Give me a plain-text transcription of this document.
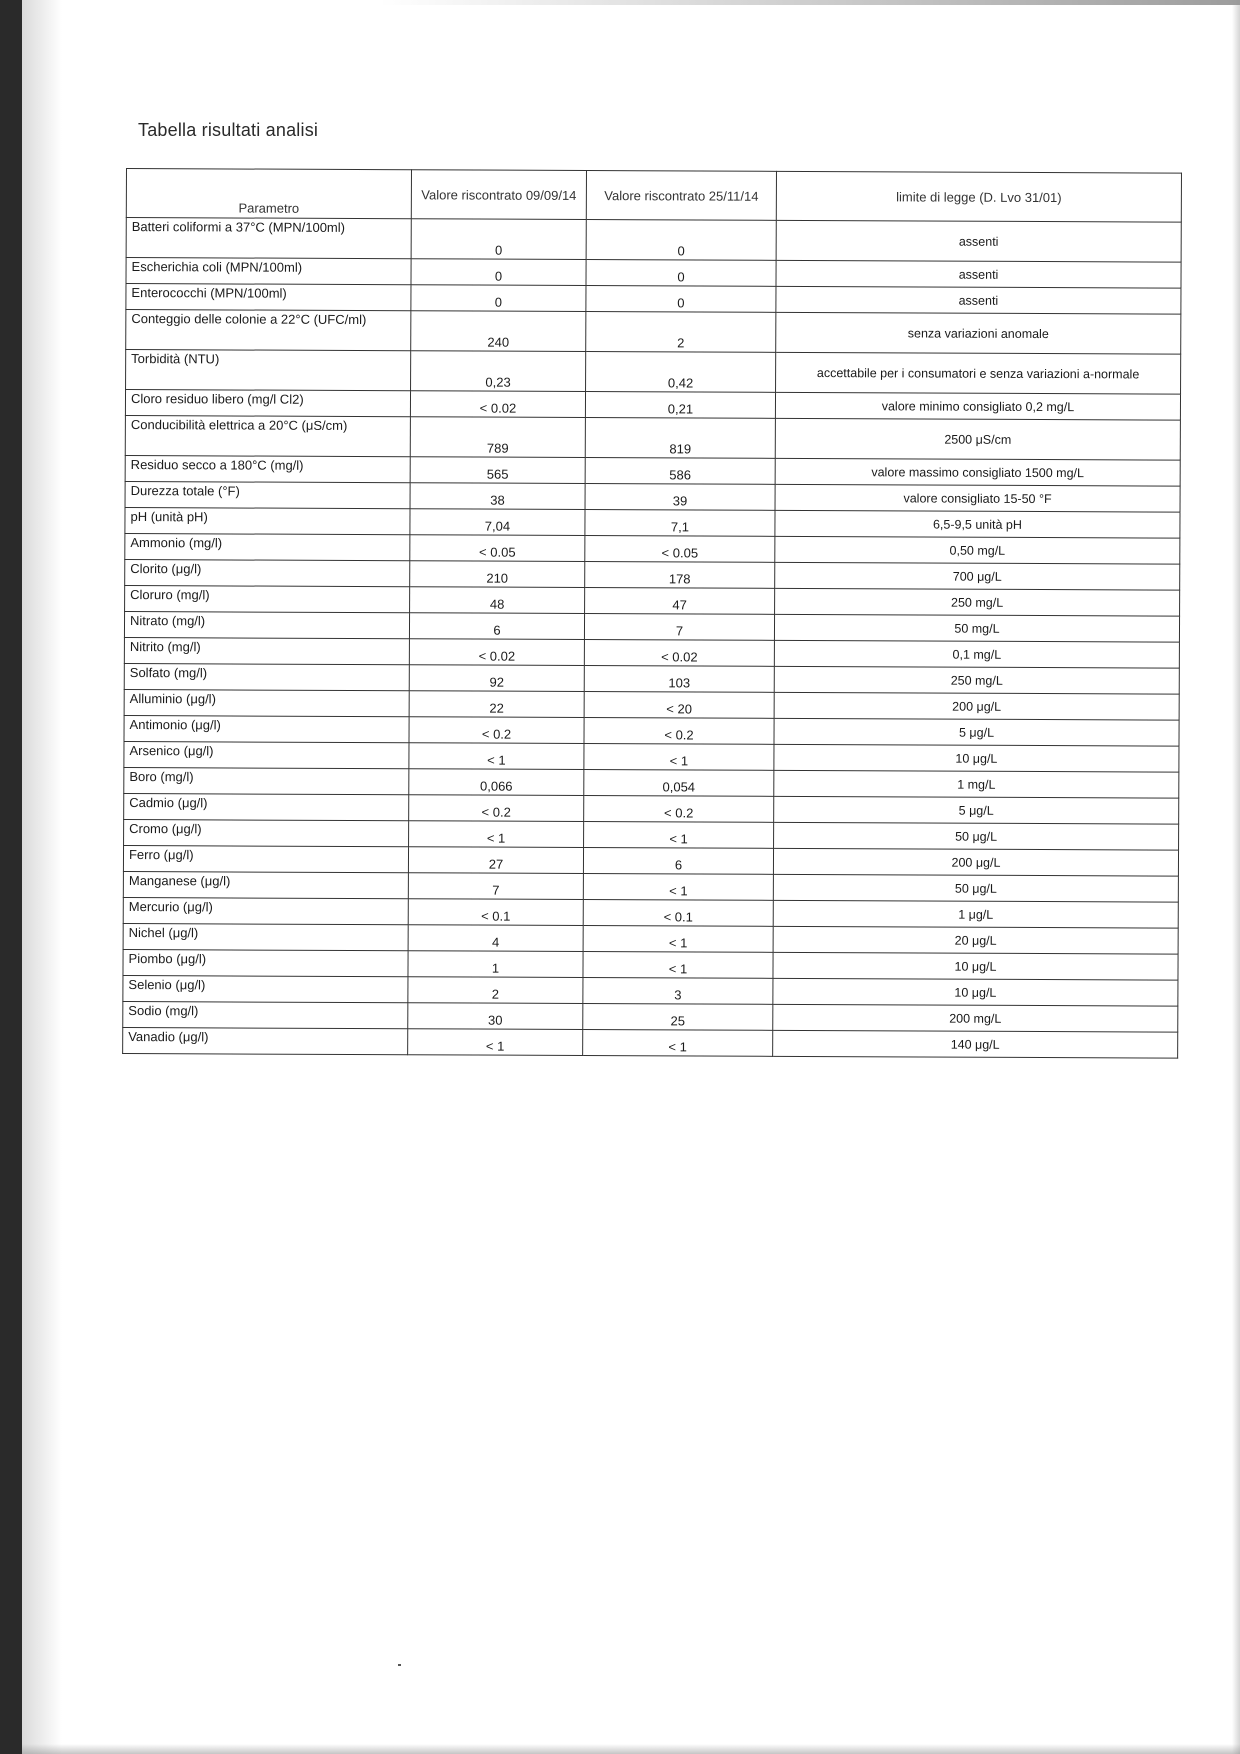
Tabella risultati analisi
Parametro	Valore riscontrato 09/09/14	Valore riscontrato 25/11/14	limite di legge (D. Lvo 31/01)
Batteri coliformi a 37°C (MPN/100ml)	0	0	assenti
Escherichia coli (MPN/100ml)	0	0	assenti
Enterococchi (MPN/100ml)	0	0	assenti
Conteggio delle colonie a 22°C (UFC/ml)	240	2	senza variazioni anomale
Torbidità (NTU)	0,23	0,42	accettabile per i consumatori e senza variazioni a-normale
Cloro residuo libero (mg/l Cl2)	< 0.02	0,21	valore minimo consigliato 0,2 mg/L
Conducibilità elettrica a 20°C (μS/cm)	789	819	2500 μS/cm
Residuo secco a 180°C (mg/l)	565	586	valore massimo consigliato 1500 mg/L
Durezza totale (°F)	38	39	valore consigliato 15-50 °F
pH (unità pH)	7,04	7,1	6,5-9,5 unità pH
Ammonio (mg/l)	< 0.05	< 0.05	0,50 mg/L
Clorito (μg/l)	210	178	700 μg/L
Cloruro (mg/l)	48	47	250 mg/L
Nitrato (mg/l)	6	7	50 mg/L
Nitrito (mg/l)	< 0.02	< 0.02	0,1 mg/L
Solfato (mg/l)	92	103	250 mg/L
Alluminio (μg/l)	22	< 20	200 μg/L
Antimonio (μg/l)	< 0.2	< 0.2	5 μg/L
Arsenico (μg/l)	< 1	< 1	10 μg/L
Boro (mg/l)	0,066	0,054	1 mg/L
Cadmio (μg/l)	< 0.2	< 0.2	5 μg/L
Cromo (μg/l)	< 1	< 1	50 μg/L
Ferro (μg/l)	27	6	200 μg/L
Manganese (μg/l)	7	< 1	50 μg/L
Mercurio (μg/l)	< 0.1	< 0.1	1 μg/L
Nichel (μg/l)	4	< 1	20 μg/L
Piombo (μg/l)	1	< 1	10 μg/L
Selenio (μg/l)	2	3	10 μg/L
Sodio (mg/l)	30	25	200 mg/L
Vanadio (μg/l)	< 1	< 1	140 μg/L
